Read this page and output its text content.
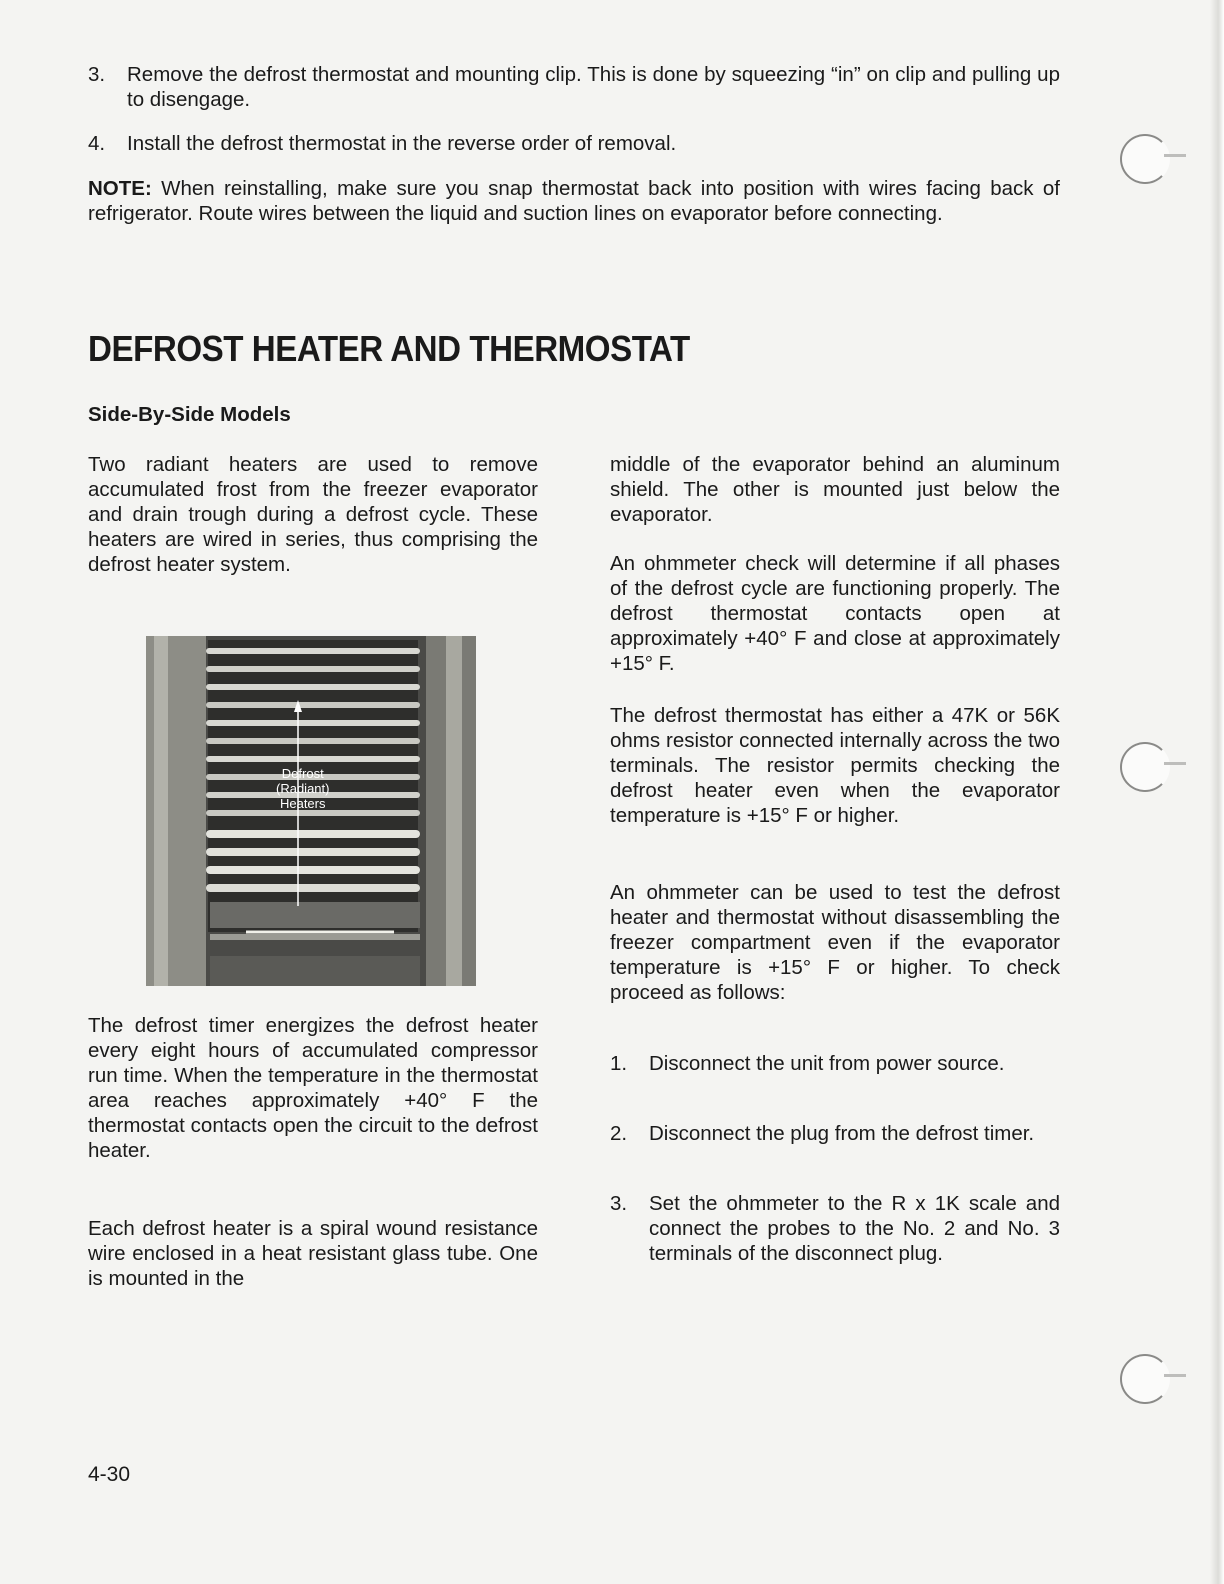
3. Remove the defrost thermostat and mounting clip. This is done by squeezing “in” on clip and pulling up to disengage.
4. Install the defrost thermostat in the reverse order of removal.
NOTE: When reinstalling, make sure you snap thermostat back into position with wires facing back of refrigerator. Route wires between the liquid and suction lines on evaporator before connecting.
DEFROST HEATER AND THERMOSTAT
Side-By-Side Models
Two radiant heaters are used to remove accumulated frost from the freezer evaporator and drain trough during a defrost cycle. These heaters are wired in series, thus comprising the defrost heater system.
Defrost
(Radiant)
Heaters
The defrost timer energizes the defrost heater every eight hours of accumulated compressor run time. When the temperature in the thermostat area reaches approximately +40° F the thermostat contacts open the circuit to the defrost heater.
Each defrost heater is a spiral wound resistance wire enclosed in a heat resistant glass tube. One is mounted in the
middle of the evaporator behind an aluminum shield. The other is mounted just below the evaporator.
An ohmmeter check will determine if all phases of the defrost cycle are functioning properly. The defrost thermostat contacts open at approximately +40° F and close at approximately +15° F.
The defrost thermostat has either a 47K or 56K ohms resistor connected internally across the two terminals. The resistor permits checking the defrost heater even when the evaporator temperature is +15° F or higher.
An ohmmeter can be used to test the defrost heater and thermostat without disassembling the freezer compartment even if the evaporator temperature is +15° F or higher. To check proceed as follows:
1. Disconnect the unit from power source.
2. Disconnect the plug from the defrost timer.
3. Set the ohmmeter to the R x 1K scale and connect the probes to the No. 2 and No. 3 terminals of the disconnect plug.
4-30
